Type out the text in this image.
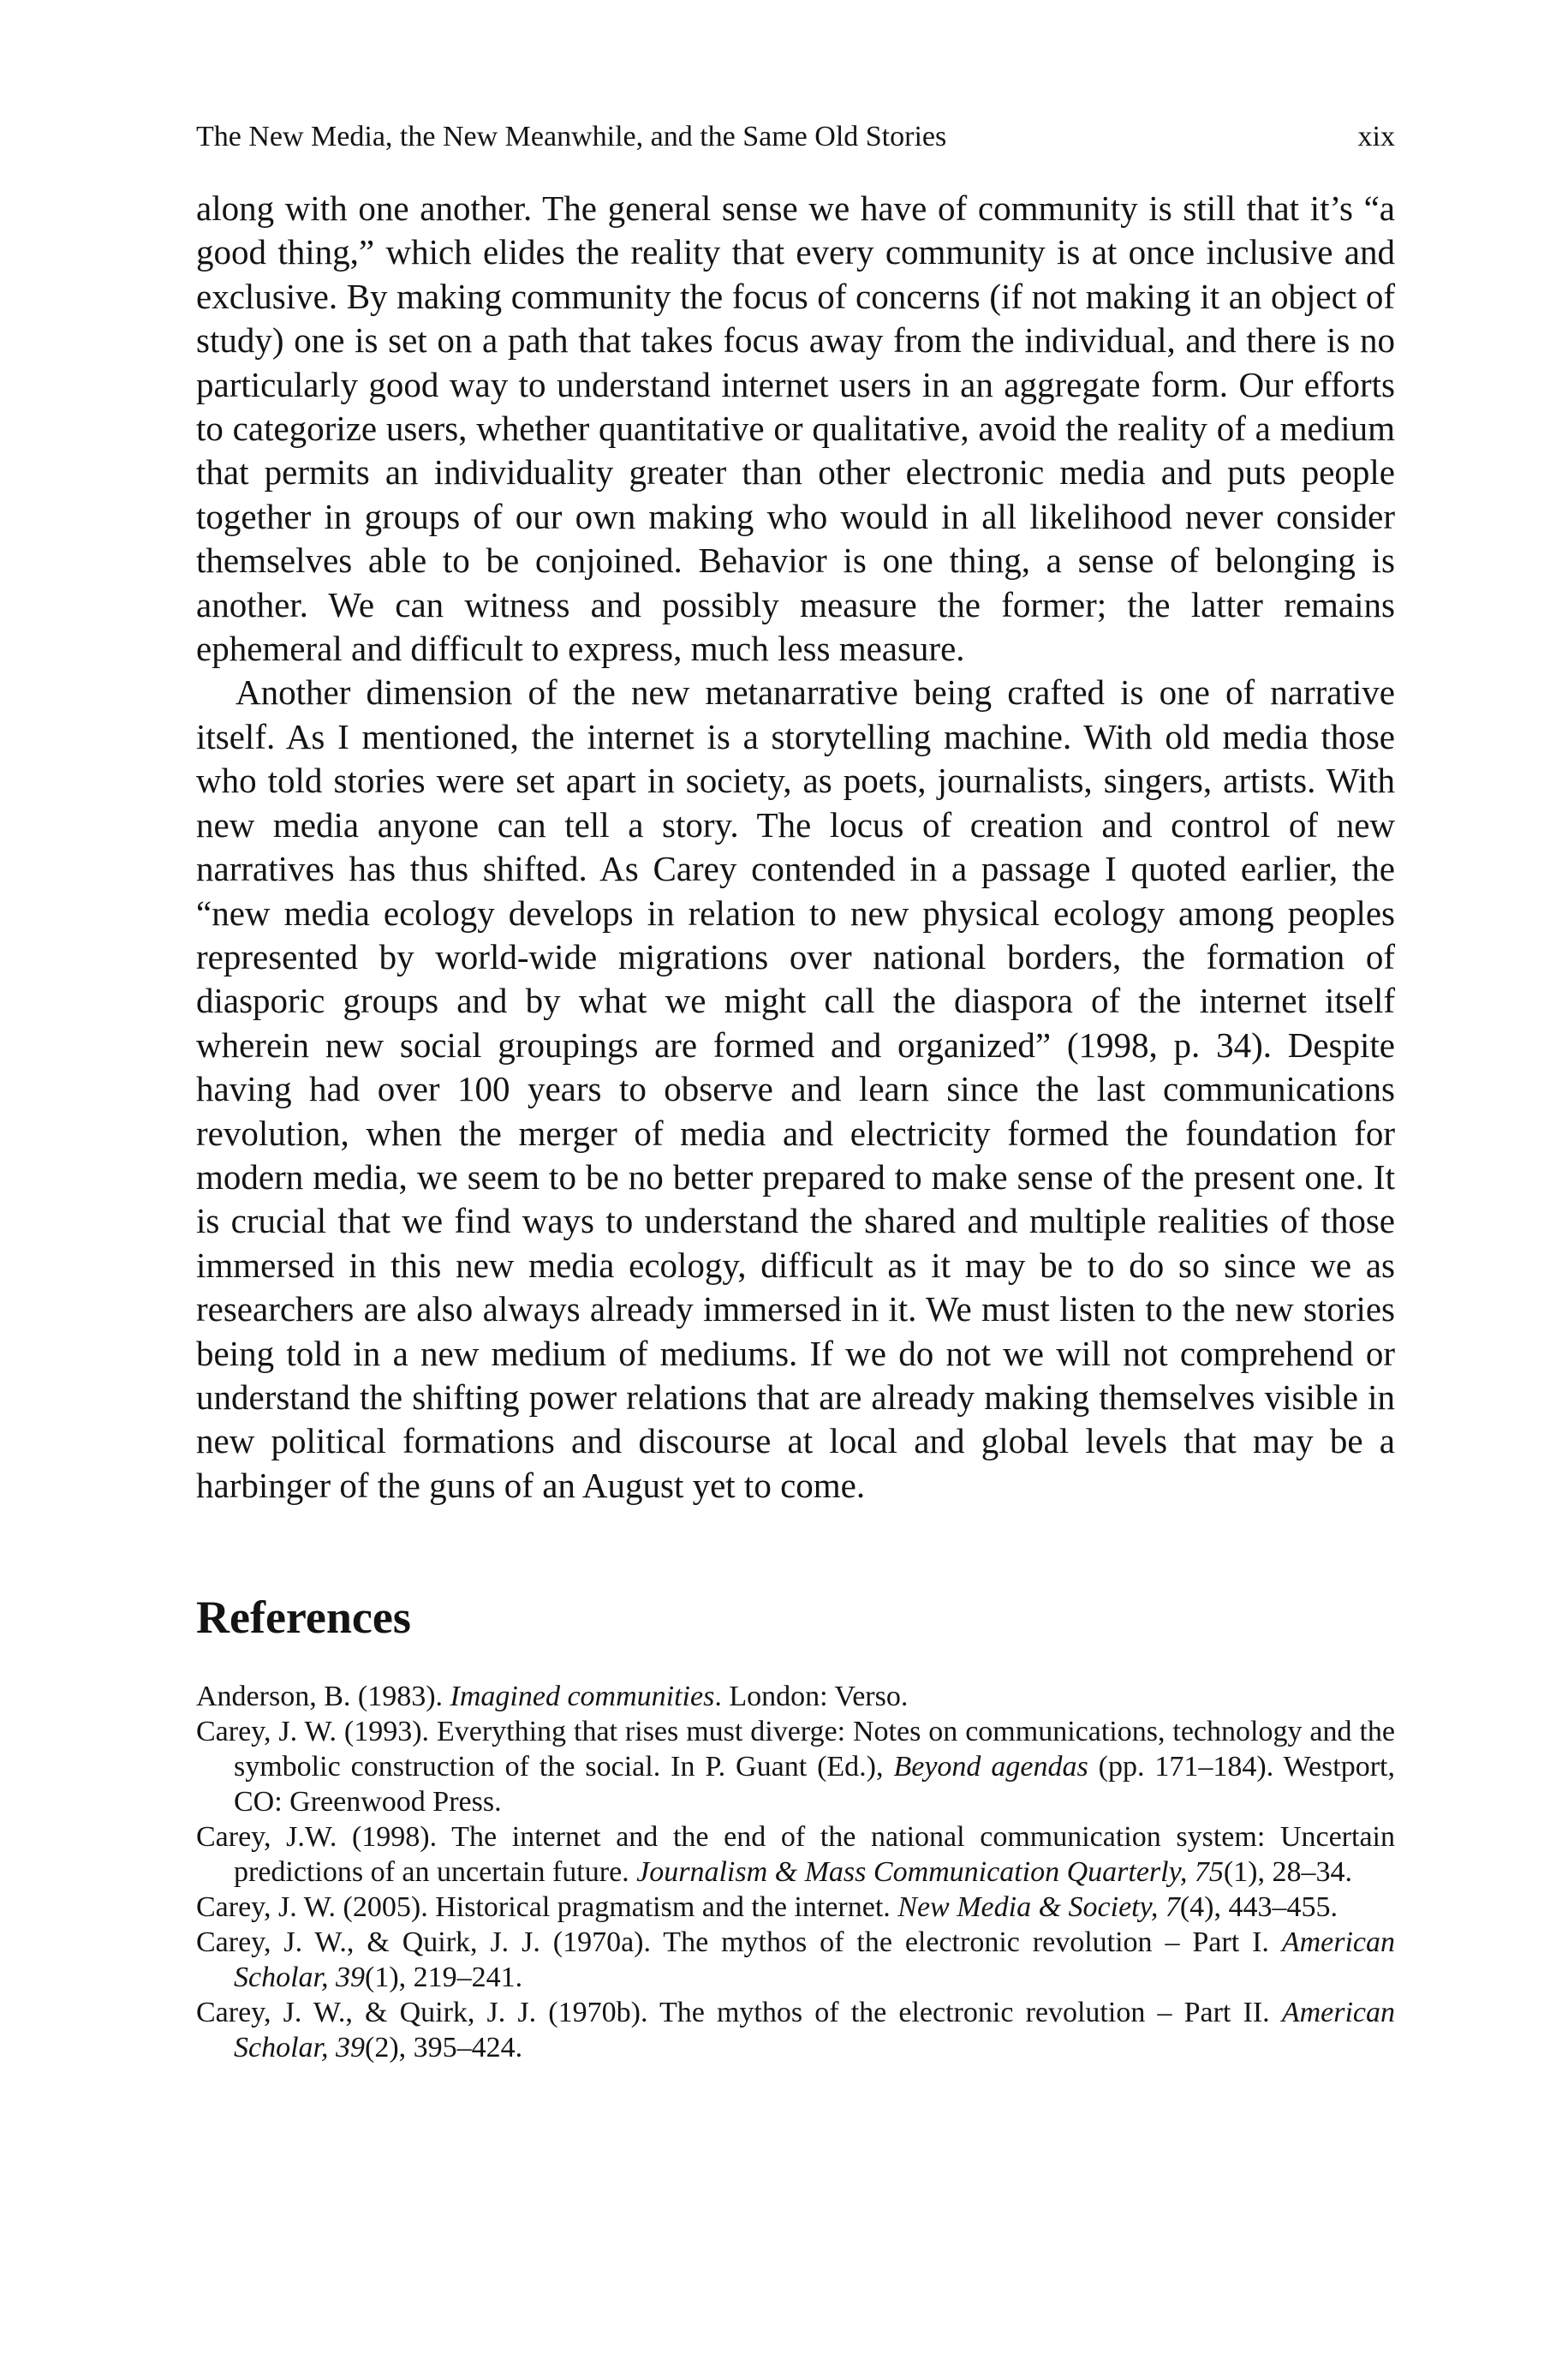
The New Media, the New Meanwhile, and the Same Old Stories	xix

along with one another. The general sense we have of community is still that it’s “a good thing,” which elides the reality that every community is at once inclusive and exclusive. By making community the focus of concerns (if not making it an object of study) one is set on a path that takes focus away from the individual, and there is no particularly good way to understand internet users in an aggregate form. Our efforts to categorize users, whether quantitative or qualitative, avoid the reality of a medium that permits an individuality greater than other electronic media and puts people together in groups of our own making who would in all likelihood never consider themselves able to be conjoined. Behavior is one thing, a sense of belonging is another. We can witness and possibly measure the former; the latter remains ephemeral and difficult to express, much less measure.

Another dimension of the new metanarrative being crafted is one of narrative itself. As I mentioned, the internet is a storytelling machine. With old media those who told stories were set apart in society, as poets, journalists, singers, artists. With new media anyone can tell a story. The locus of creation and control of new narratives has thus shifted. As Carey contended in a passage I quoted earlier, the “new media ecology develops in relation to new physical ecology among peoples represented by world-wide migrations over national borders, the formation of diasporic groups and by what we might call the diaspora of the internet itself wherein new social groupings are formed and organized” (1998, p. 34). Despite having had over 100 years to observe and learn since the last communications revolution, when the merger of media and electricity formed the foundation for modern media, we seem to be no better prepared to make sense of the present one. It is crucial that we find ways to understand the shared and multiple realities of those immersed in this new media ecology, difficult as it may be to do so since we as researchers are also always already immersed in it. We must listen to the new stories being told in a new medium of mediums. If we do not we will not comprehend or understand the shifting power relations that are already making themselves visible in new political formations and discourse at local and global levels that may be a harbinger of the guns of an August yet to come.

References
Anderson, B. (1983). Imagined communities. London: Verso.
Carey, J. W. (1993). Everything that rises must diverge: Notes on communications, technology and the symbolic construction of the social. In P. Guant (Ed.), Beyond agendas (pp. 171–184). Westport, CO: Greenwood Press.
Carey, J.W. (1998). The internet and the end of the national communication system: Uncertain predictions of an uncertain future. Journalism & Mass Communication Quarterly, 75(1), 28–34.
Carey, J. W. (2005). Historical pragmatism and the internet. New Media & Society, 7(4), 443–455.
Carey, J. W., & Quirk, J. J. (1970a). The mythos of the electronic revolution – Part I. American Scholar, 39(1), 219–241.
Carey, J. W., & Quirk, J. J. (1970b). The mythos of the electronic revolution – Part II. American Scholar, 39(2), 395–424.
